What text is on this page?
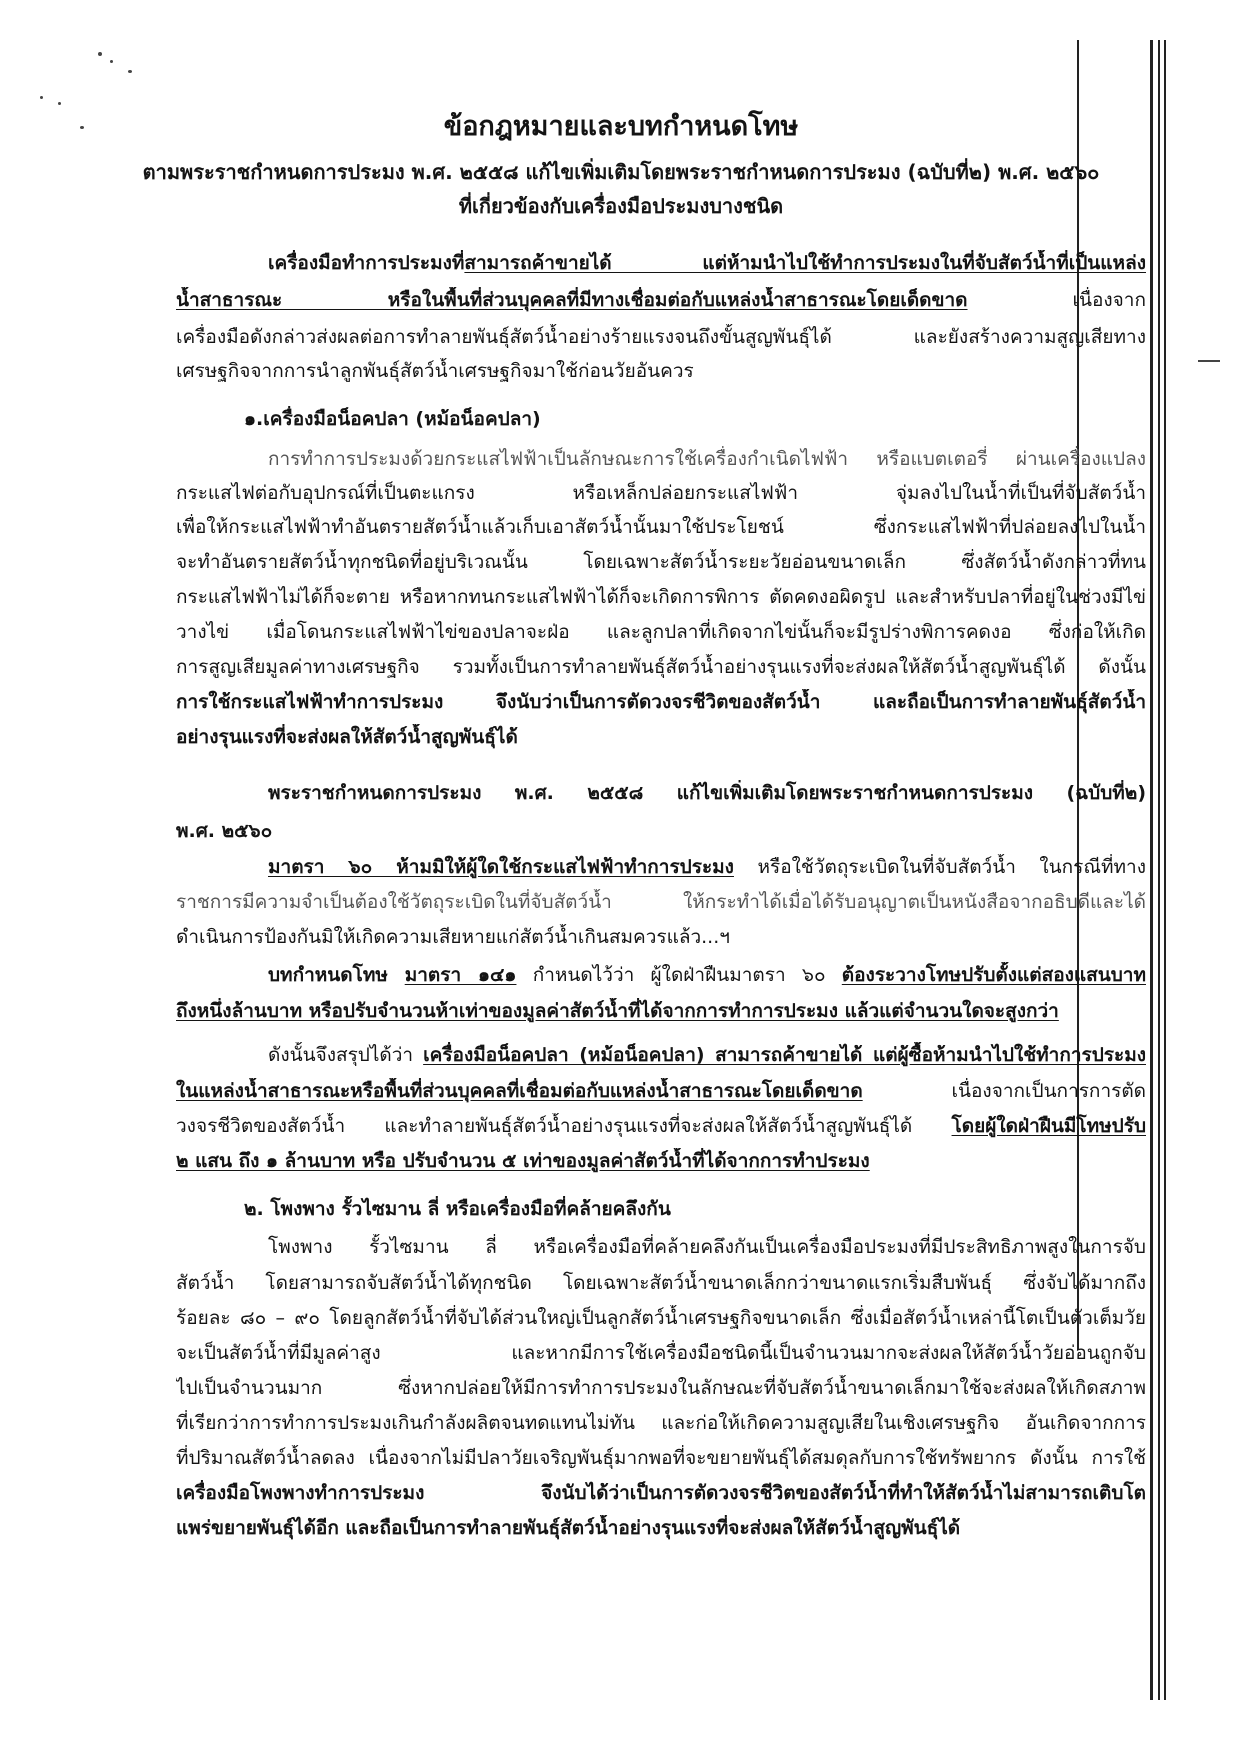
ข้อกฎหมายและบทกำหนดโทษ
ตามพระราชกำหนดการประมง พ.ศ. ๒๕๕๘ แก้ไขเพิ่มเติมโดยพระราชกำหนดการประมง (ฉบับที่๒) พ.ศ. ๒๕๖๐
ที่เกี่ยวข้องกับเครื่องมือประมงบางชนิด
เครื่องมือทำการประมงที่สามารถค้าขายได้ แต่ห้ามนำไปใช้ทำการประมงในที่จับสัตว์น้ำที่เป็นแหล่ง
น้ำสาธารณะ หรือในพื้นที่ส่วนบุคคลที่มีทางเชื่อมต่อกับแหล่งน้ำสาธารณะโดยเด็ดขาด เนื่องจาก
เครื่องมือดังกล่าวส่งผลต่อการทำลายพันธุ์สัตว์น้ำอย่างร้ายแรงจนถึงขั้นสูญพันธุ์ได้ และยังสร้างความสูญเสียทาง
เศรษฐกิจจากการนำลูกพันธุ์สัตว์น้ำเศรษฐกิจมาใช้ก่อนวัยอันควร
๑.เครื่องมือน็อคปลา (หม้อน็อคปลา)
การทำการประมงด้วยกระแสไฟฟ้าเป็นลักษณะการใช้เครื่องกำเนิดไฟฟ้า หรือแบตเตอรี่ ผ่านเครื่องแปลง
กระแสไฟต่อกับอุปกรณ์ที่เป็นตะแกรง หรือเหล็กปล่อยกระแสไฟฟ้า จุ่มลงไปในน้ำที่เป็นที่จับสัตว์น้ำ
เพื่อให้กระแสไฟฟ้าทำอันตรายสัตว์น้ำแล้วเก็บเอาสัตว์น้ำนั้นมาใช้ประโยชน์ ซึ่งกระแสไฟฟ้าที่ปล่อยลงไปในน้ำ
จะทำอันตรายสัตว์น้ำทุกชนิดที่อยู่บริเวณนั้น โดยเฉพาะสัตว์น้ำระยะวัยอ่อนขนาดเล็ก ซึ่งสัตว์น้ำดังกล่าวที่ทน
กระแสไฟฟ้าไม่ได้ก็จะตาย หรือหากทนกระแสไฟฟ้าได้ก็จะเกิดการพิการ ตัดคดงอผิดรูป และสำหรับปลาที่อยู่ในช่วงมีไข่
วางไข่ เมื่อโดนกระแสไฟฟ้าไข่ของปลาจะฝ่อ และลูกปลาที่เกิดจากไข่นั้นก็จะมีรูปร่างพิการคดงอ ซึ่งก่อให้เกิด
การสูญเสียมูลค่าทางเศรษฐกิจ รวมทั้งเป็นการทำลายพันธุ์สัตว์น้ำอย่างรุนแรงที่จะส่งผลให้สัตว์น้ำสูญพันธุ์ได้ ดังนั้น
การใช้กระแสไฟฟ้าทำการประมง จึงนับว่าเป็นการตัดวงจรชีวิตของสัตว์น้ำ และถือเป็นการทำลายพันธุ์สัตว์น้ำ
อย่างรุนแรงที่จะส่งผลให้สัตว์น้ำสูญพันธุ์ได้
พระราชกำหนดการประมง พ.ศ. ๒๕๕๘ แก้ไขเพิ่มเติมโดยพระราชกำหนดการประมง (ฉบับที่๒)
พ.ศ. ๒๕๖๐
มาตรา ๖๐ ห้ามมิให้ผู้ใดใช้กระแสไฟฟ้าทำการประมง หรือใช้วัตถุระเบิดในที่จับสัตว์น้ำ ในกรณีที่ทาง
ราชการมีความจำเป็นต้องใช้วัตถุระเบิดในที่จับสัตว์น้ำ ให้กระทำได้เมื่อได้รับอนุญาตเป็นหนังสือจากอธิบดีและได้
ดำเนินการป้องกันมิให้เกิดความเสียหายแก่สัตว์น้ำเกินสมควรแล้ว...ฯ
บทกำหนดโทษ มาตรา ๑๔๑ กำหนดไว้ว่า ผู้ใดฝ่าฝืนมาตรา ๖๐ ต้องระวางโทษปรับตั้งแต่สองแสนบาท
ถึงหนึ่งล้านบาท หรือปรับจำนวนห้าเท่าของมูลค่าสัตว์น้ำที่ได้จากการทำการประมง แล้วแต่จำนวนใดจะสูงกว่า
ดังนั้นจึงสรุปได้ว่า เครื่องมือน็อคปลา (หม้อน็อคปลา) สามารถค้าขายได้ แต่ผู้ซื้อห้ามนำไปใช้ทำการประมง
ในแหล่งน้ำสาธารณะหรือพื้นที่ส่วนบุคคลที่เชื่อมต่อกับแหล่งน้ำสาธารณะโดยเด็ดขาด เนื่องจากเป็นการการตัด
วงจรชีวิตของสัตว์น้ำ และทำลายพันธุ์สัตว์น้ำอย่างรุนแรงที่จะส่งผลให้สัตว์น้ำสูญพันธุ์ได้ โดยผู้ใดฝ่าฝืนมีโทษปรับ
๒ แสน ถึง ๑ ล้านบาท หรือ ปรับจำนวน ๕ เท่าของมูลค่าสัตว์น้ำที่ได้จากการทำประมง
๒. โพงพาง รั้วไซมาน ลี่ หรือเครื่องมือที่คล้ายคลึงกัน
โพงพาง รั้วไซมาน ลี่ หรือเครื่องมือที่คล้ายคลึงกันเป็นเครื่องมือประมงที่มีประสิทธิภาพสูงในการจับ
สัตว์น้ำ โดยสามารถจับสัตว์น้ำได้ทุกชนิด โดยเฉพาะสัตว์น้ำขนาดเล็กกว่าขนาดแรกเริ่มสืบพันธุ์ ซึ่งจับได้มากถึง
ร้อยละ ๘๐ – ๙๐ โดยลูกสัตว์น้ำที่จับได้ส่วนใหญ่เป็นลูกสัตว์น้ำเศรษฐกิจขนาดเล็ก ซึ่งเมื่อสัตว์น้ำเหล่านี้โตเป็นตัวเต็มวัย
จะเป็นสัตว์น้ำที่มีมูลค่าสูง และหากมีการใช้เครื่องมือชนิดนี้เป็นจำนวนมากจะส่งผลให้สัตว์น้ำวัยอ่อนถูกจับ
ไปเป็นจำนวนมาก ซึ่งหากปล่อยให้มีการทำการประมงในลักษณะที่จับสัตว์น้ำขนาดเล็กมาใช้จะส่งผลให้เกิดสภาพ
ที่เรียกว่าการทำการประมงเกินกำลังผลิตจนทดแทนไม่ทัน และก่อให้เกิดความสูญเสียในเชิงเศรษฐกิจ อันเกิดจากการ
ที่ปริมาณสัตว์น้ำลดลง เนื่องจากไม่มีปลาวัยเจริญพันธุ์มากพอที่จะขยายพันธุ์ได้สมดุลกับการใช้ทรัพยากร ดังนั้น การใช้
เครื่องมือโพงพางทำการประมง จึงนับได้ว่าเป็นการตัดวงจรชีวิตของสัตว์น้ำที่ทำให้สัตว์น้ำไม่สามารถเติบโต
แพร่ขยายพันธุ์ได้อีก และถือเป็นการทำลายพันธุ์สัตว์น้ำอย่างรุนแรงที่จะส่งผลให้สัตว์น้ำสูญพันธุ์ได้
